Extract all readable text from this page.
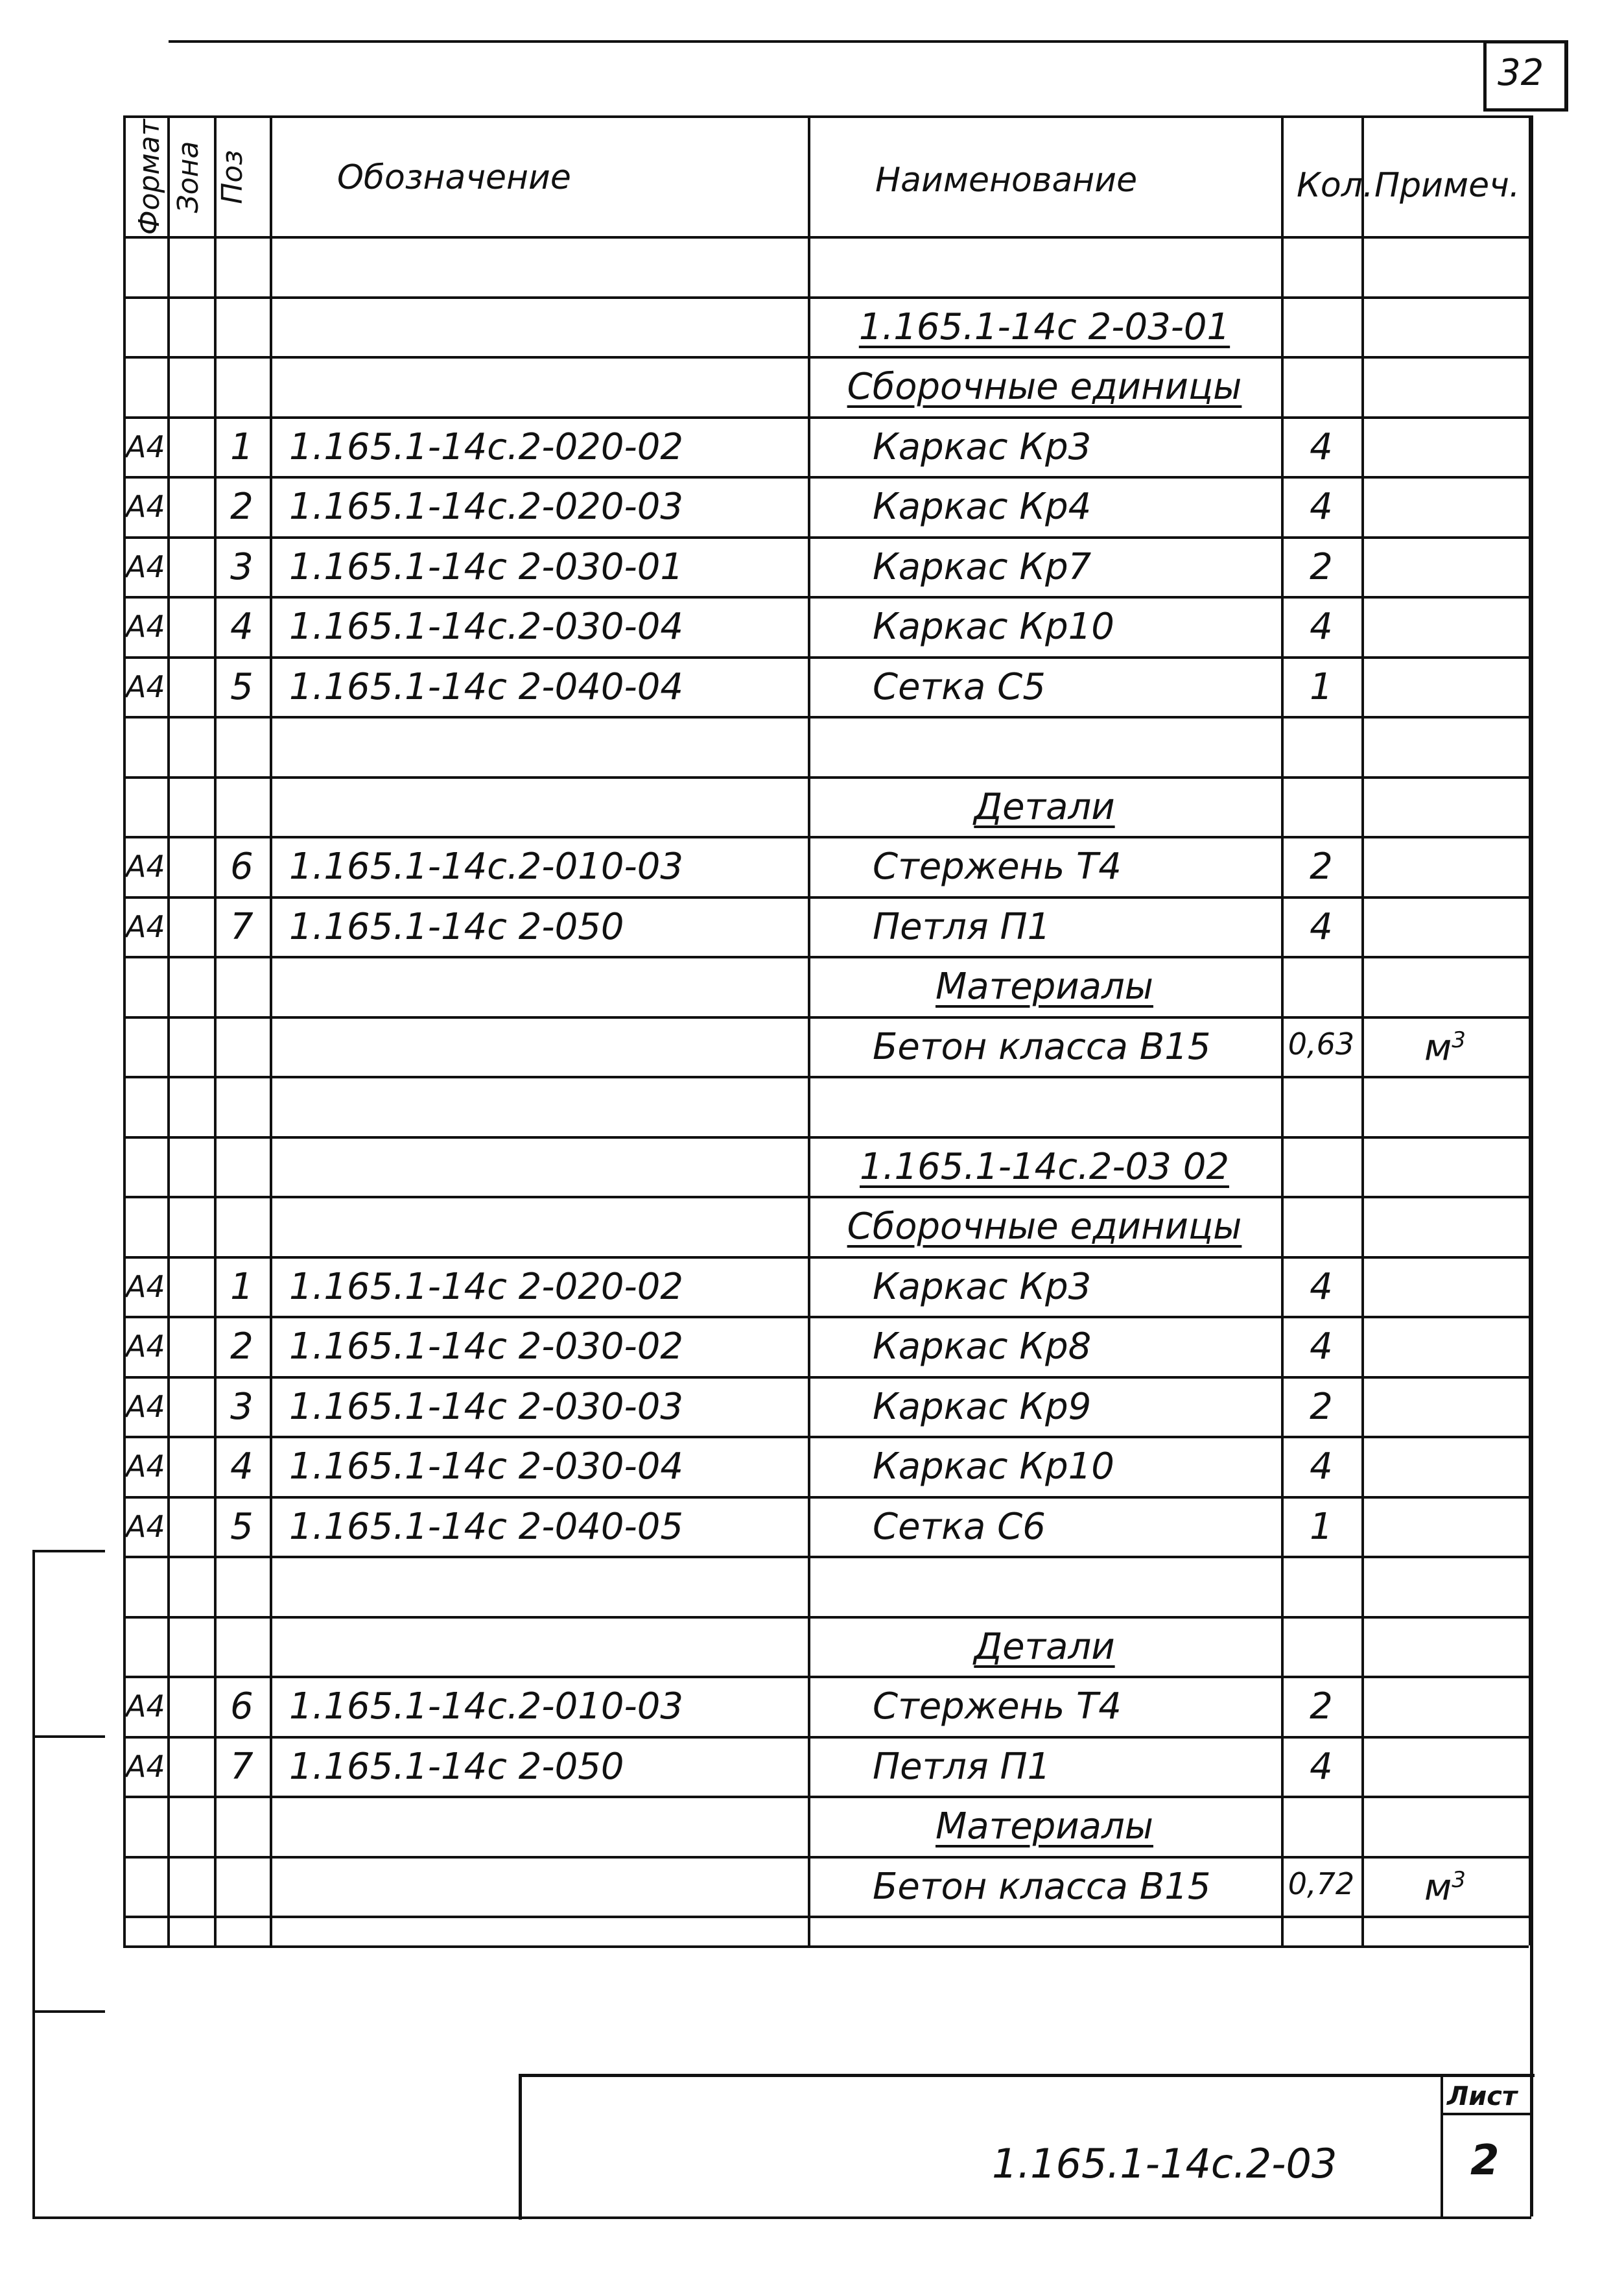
32
Формат Зона Поз	Обозначение	Наименование	Кол. Примеч.
1.165.1-14с 2-03-01
Сборочные единицы
А4	1 1.165.1-14с.2-020-02	Каркас Кр3	4
А4	2 1.165.1-14с.2-020-03	Каркас Кр4	4
А4	3 1.165.1-14с 2-030-01	Каркас Кр7	2
А4	4 1.165.1-14с.2-030-04	Каркас Кр10	4
А4	5 1.165.1-14с 2-040-04	Сетка С5	1
Детали
А4	6 1.165.1-14с.2-010-03	Стержень Т4	2
А4	7 1.165.1-14с 2-050	Петля П1	4
Материалы
Бетон класса В15	0,63	$м^3$
1.165.1-14с.2-03 02
Сборочные единицы
А4	1 1.165.1-14с 2-020-02	Каркас Кр3	4
А4	2 1.165.1-14с 2-030-02	Каркас Кр8	4
А4	3 1.165.1-14с 2-030-03	Каркас Кр9	2
А4	4 1.165.1-14с 2-030-04	Каркас Кр10	4
А4	5 1.165.1-14с 2-040-05	Сетка С6	1
Детали
А4	6 1.165.1-14с.2-010-03	Стержень Т4	2
А4	7 1.165.1-14с 2-050	Петля П1	4
Материалы
Бетон класса В15	0,72	$м^3$
1.165.1-14с.2-03
Лист
2
